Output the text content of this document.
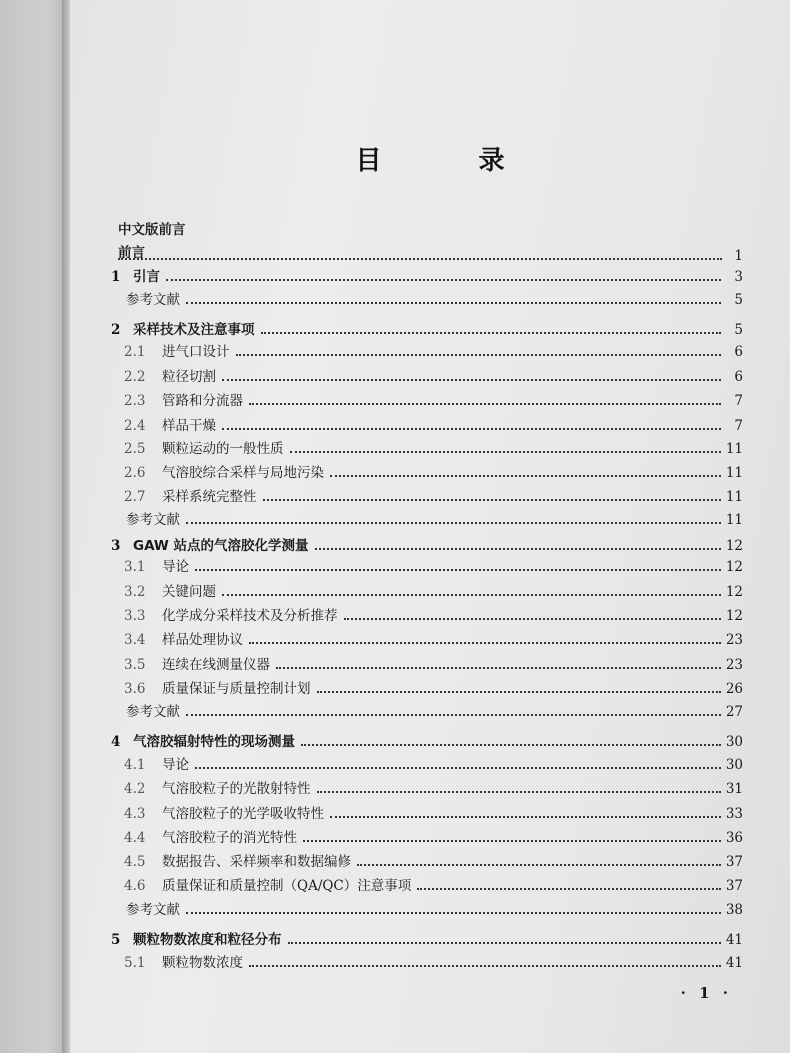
目 录
中文版前言
前言	1
1 引言	3
参考文献	5
2 采样技术及注意事项	5
2.1	进气口设计	6
2.2	粒径切割	6
2.3	管路和分流器	7
2.4	样品干燥	7
2.5	颗粒运动的一般性质	11
2.6	气溶胶综合采样与局地污染	11
2.7	采样系统完整性	11
参考文献	11
3 GAW 站点的气溶胶化学测量	12
3.1	导论	12
3.2	关键问题	12
3.3	化学成分采样技术及分析推荐	12
3.4	样品处理协议	23
3.5	连续在线测量仪器	23
3.6	质量保证与质量控制计划	26
参考文献	27
4 气溶胶辐射特性的现场测量	30
4.1	导论	30
4.2	气溶胶粒子的光散射特性	31
4.3	气溶胶粒子的光学吸收特性	33
4.4	气溶胶粒子的消光特性	36
4.5	数据报告、采样频率和数据编修	37
4.6	质量保证和质量控制（QA/QC）注意事项	37
参考文献	38
5 颗粒物数浓度和粒径分布	41
5.1	颗粒物数浓度	41
· 1 ·
